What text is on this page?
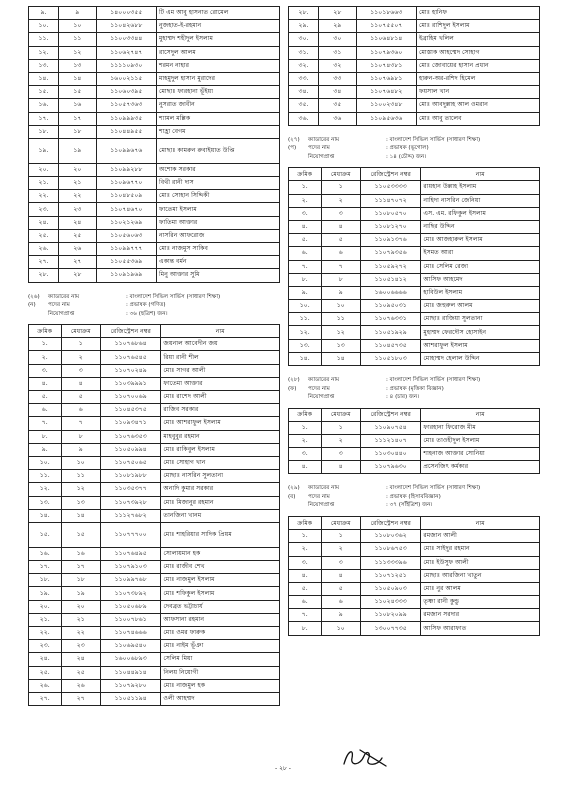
৯.	৯	১৪০০০৩৫৫	টি এম আবু হাসনাত রোমেল
১০.	১০	১১০৪২৬৮৮	নুজহাত-ই-রহমান
১১.	১১	১১০০৩৩৪৪	মুহাম্মদ শহীদুল ইসলাম
১২.	১২	১১০৬২৭৪৭	রাসেদুল আলম
১৩.	১৩	১১১১০৯৩০	শরমন নাহার
১৪.	১৪	১৬০০২১১৫	মাহমুদুল হাসান মুরাদের
১৫.	১৫	১১০৬০৩৯৫	মোছাঃ ফারহানা ভূঁইয়া
১৬.	১৬	১১০৫৭৩৬৩	নুসরাত জাবীন
১৭.	১৭	১১০৯৯৯৩৫	শ্যামল মল্লিক
১৮.	১৮	১১০৪৪৯৫৫	শাহ্রা বেগম
১৯.	১৯	১১০৯৯৬৭৬	মোছাঃ কামরুন রুবাইয়াত উপ্তি
২০.	২০	১১০৯৯২৮৮	অশোক সরকার
২১.	২১	১১০৯৬৭৭০	বিথী রানী দাস
২২.	২২	১১০৪৮৫০৯	মোঃ সোহান সিদ্দিকী
২৩.	২৩	১১০৭৪৬৭০	ফাতেমা ইসলাম
২৪.	২৪	১১০২১২৬৯	ফাতিমা আক্তার
২৫.	২৫	১১০৫৬০৬৩	নাসরিন আফরোজ
২৬.	২৬	১১০৯৯৭৭৭	মোঃ নাজমুস সাকিব
২৭.	২৭	১১০৫৫৩৬৯	একান্ত বর্মন
২৮.	২৮	১১০৯১৯৬৯	মিনু আক্তার সুমি
(২৬) (ন)
ক্যাডারের নাম	: বাংলাদেশ সিভিল সার্ভিস (সাধারণ শিক্ষা)
পদের নাম	: প্রভাষক (গণিত)
নিয়োগপ্রাপ্ত	: ৩৬ (ছত্রিশ) জন।
ক্রমিক	মেধাক্রম	রেজিস্ট্রেশন নম্বর	নাম
১.	১	১১০৭৬৮৬৪	জয়নাল আবেদীন জয়
২.	২	১১০৭৬৫৪৫	রিয়া রানী শীল
৩.	৩	১১০৭০২৪৯	মোঃ সাগর আলী
৪.	৪	১১০৩৯৯৯১	ফাতেমা আক্তার
৫.	৫	১১০৭০০৬৯	মোঃ রাশেদ আলী
৬.	৬	১১০৪৫৩৭৫	রাজিব সরকার
৭.	৭	১১০৯৩৪৭১	মোঃ আশরাফুল ইসলাম
৮.	৮	১১০৭৬৩৫৩	মাহবুবুর রহমান
৯.	৯	১১০৫০৯৯৪	মোঃ রাকিবুল ইসলাম
১০.	১০	১১০৭৫০৬৫	মোঃ সোহাগ খান
১১.	১১	১১০৮১৯৮৮	মোছাঃ নাসরিন সুলতানা
১২.	১২	১১০৩৫৩৭৭	অনাদি কুমার সরকার
১৩.	১৩	১১০৭৩৯২৮	মোঃ মিজানুর রহমান
১৪.	১৪	১১১২৭৬৮২	তানজিনা খানম
১৫.	১৫	১১০৭৭৭০০	মোঃ শাহরিয়ার সাদিক প্রিয়ম
১৬.	১৬	১১০৭৬৪৯৫	সোলায়মান হক
১৭.	১৭	১১০৭৯১০৩	মোঃ রাজীব শেখ
১৮.	১৮	১১০৯৯৭৬৮	মোঃ নাজমুল ইসলাম
১৯.	১৯	১১০৭৩৮৯২	মোঃ শফিকুল ইসলাম
২০.	২০	১১০৫০৬৮৯	দেবব্রত ভট্টাচার্য
২১.	২১	১১০০৭৮৬১	আফসানা রহমান
২২.	২২	১১০৭৪৬৬৬	মোঃ ওমর ফারুক
২৩.	২৩	১১০৬৯৫৪০	মোঃ নাইম ভূঁঞা
২৪.	২৪	১৬০০৬৮৯৩	সেলিম মিয়া
২৫.	২৫	১১০৪৪৯১৪	নিলয় নিয়োগী
২৬.	২৬	১১০৭৯২৮০	মোঃ নাজমুল হক
২৭.	২৭	১১০৫১১৯৪	ওলী আহম্মদ
২৮.	২৮	১১০১৮৬৬৩	মোঃ হানিফ
২৯.	২৯	১১০৭৫৫০৭	মোঃ রাশিদুল ইসলাম
৩০.	৩০	১১০৬৪৮১৪	ইব্রাহিম খলিল
৩১.	৩১	১১০৭৯৩৬০	মোস্তাক আহম্মেদ সোহাগ
৩২.	৩২	১১০৭৪৩৮১	মোঃ জোবায়ের হাসান প্রধান
৩৩.	৩৩	১১০৭৬৯৮১	হারুন-অর-রশিদ হিমেল
৩৪.	৩৪	১১০৭৬৪৮২	ফয়সাল খান
৩৫.	৩৫	১১০০২৩৪৮	মোঃ আবদুল্লাহ আল ওমরান
৩৬.	৩৬	১১০৯৫৬৩৬	মোঃ আবু তালেব
(২৭) (প)
ক্যাডারের নাম	: বাংলাদেশ সিভিল সার্ভিস (সাধারণ শিক্ষা)
পদের নাম	: প্রভাষক (ভূগোল)
নিয়োগপ্রাপ্ত	: ১৪ (চৌদ্দ) জন।
ক্রমিক	মেধাক্রম	রেজিস্ট্রেশন নম্বর	নাম
১.	১	১১০৫৩৩৩৩	রায়হান উল্লাহ ইসলাম
২.	২	১১১৪৭০৭২	নাহিদা নাসরিন জেনিয়া
৩.	৩	১১০৮০৫৭০	এস. এম. রফিকুল ইসলাম
৪.	৪	১১০৮১২৭০	নাছির উদ্দিন
৫.	৫	১১০৯১৩৭৬	মোঃ আজহারুল ইসলাম
৬.	৬	১১০৭৯৩৫৬	ইসমত আরা
৭.	৭	১১০৫৯২৭২	মোঃ সেলিম রেজা
৮.	৮	১১০৫১৪১২	আসিফ আহমেদ
৯.	৯	১৬০০৬৬৬৬	হাবিউল ইসলাম
১০.	১০	১১০৯৫০৩১	মোঃ জহুরুল আলম
১১.	১১	১১০৭৬৩৩১	মোছাঃ রাজিয়া সুলতানা
১২.	১২	১১০৫১৯২৯	মুহাম্মদ ফেরদৌস হোসাইন
১৩.	১৩	১১০৪৫৭৩৫	আশরাফুল ইসলাম
১৪.	১৪	১১০৫১৮০৩	মোহাম্মদ হেলাল উদ্দিন
(২৮) (ফ)
ক্যাডারের নাম	: বাংলাদেশ সিভিল সার্ভিস (সাধারণ শিক্ষা)
পদের নাম	: প্রভাষক (মৃত্তিকা বিজ্ঞান)
নিয়োগপ্রাপ্ত	: ৪ (চার) জন।
ক্রমিক	মেধাক্রম	রেজিস্ট্রেশন নম্বর	নাম
১.	১	১১০৯০৭৫৪	ফারহানা ফিরোজ মীম
২.	২	১১১২১৪০৭	মোঃ তাওহীদুল ইসলাম
৩.	৩	১১০৩০৪৪০	শাহনাজ আক্তার সোনিয়া
৪.	৪	১১০৭৯৬৩০	প্রসেনজিৎ কর্মকার
(২৯) (ব)
ক্যাডারের নাম	: বাংলাদেশ সিভিল সার্ভিস (সাধারণ শিক্ষা)
পদের নাম	: প্রভাষক (হিসাববিজ্ঞান)
নিয়োগপ্রাপ্ত	: ৩৭ (সাঁইত্রিশ) জন।
ক্রমিক	মেধাক্রম	রেজিস্ট্রেশন নম্বর	নাম
১.	১	১১০৮০৩৬২	রমজান আলী
২.	২	১১০৮৬৭৫৩	মোঃ সাইদুর রহমান
৩.	৩	১১১৩৩৩৯৬	মোঃ ইউসুফ আলী
৪.	৪	১১০৭১২৫১	মোছাঃ আরজিনা খাতুন
৫.	৫	১১০৫০৯০৩	মোঃ নুর আলম
৬.	৬	১১০২৪৩৩৩	তৃষ্ণা রানী কুন্ডু
৭.	৯	১১০৮২০৯৯	রমজান সরদার
৮.	১০	১৩০০৭৭৩৫	আসিফ আরাফাত
- ২৮ -
